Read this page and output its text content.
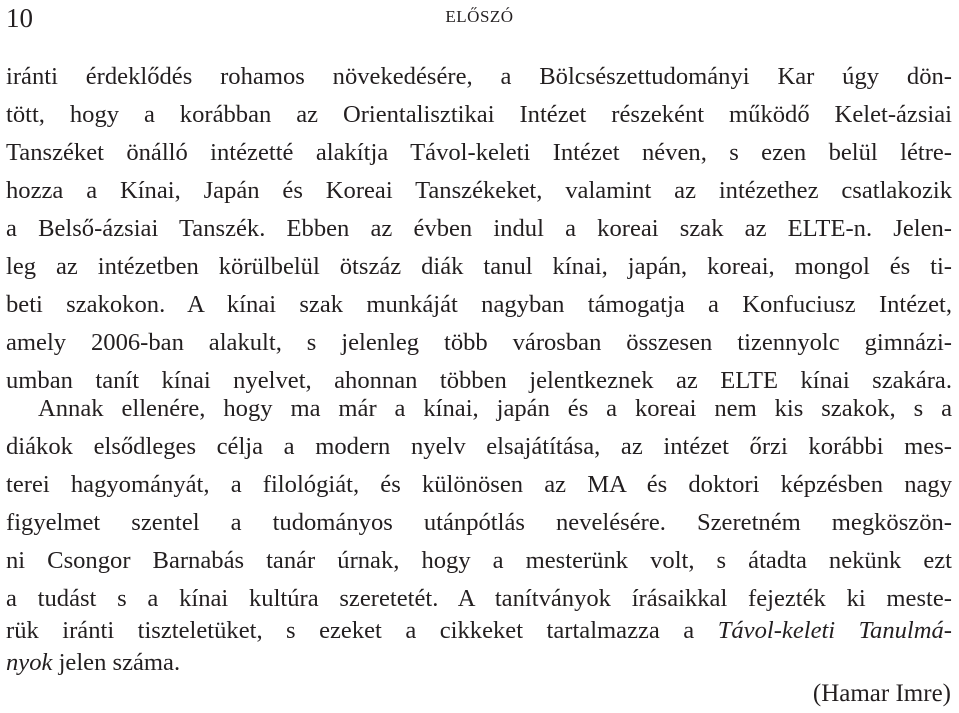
10	ELŐSZÓ
iránti érdeklődés rohamos növekedésére, a Bölcsészettudományi Kar úgy dön-
tött, hogy a korábban az Orientalisztikai Intézet részeként működő Kelet-ázsiai
Tanszéket önálló intézetté alakítja Távol-keleti Intézet néven, s ezen belül létre-
hozza a Kínai, Japán és Koreai Tanszékeket, valamint az intézethez csatlakozik
a Belső-ázsiai Tanszék. Ebben az évben indul a koreai szak az ELTE-n. Jelen-
leg az intézetben körülbelül ötszáz diák tanul kínai, japán, koreai, mongol és ti-
beti szakokon. A kínai szak munkáját nagyban támogatja a Konfuciusz Intézet,
amely 2006-ban alakult, s jelenleg több városban összesen tizennyolc gimnázi-
umban tanít kínai nyelvet, ahonnan többen jelentkeznek az ELTE kínai szakára.
Annak ellenére, hogy ma már a kínai, japán és a koreai nem kis szakok, s a
diákok elsődleges célja a modern nyelv elsajátítása, az intézet őrzi korábbi mes-
terei hagyományát, a filológiát, és különösen az MA és doktori képzésben nagy
figyelmet szentel a tudományos utánpótlás nevelésére. Szeretném megköszön-
ni Csongor Barnabás tanár úrnak, hogy a mesterünk volt, s átadta nekünk ezt
a tudást s a kínai kultúra szeretetét. A tanítványok írásaikkal fejezték ki meste-
rük iránti tiszteletüket, s ezeket a cikkeket tartalmazza a Távol-keleti Tanulmá-
nyok jelen száma.
(Hamar Imre)
